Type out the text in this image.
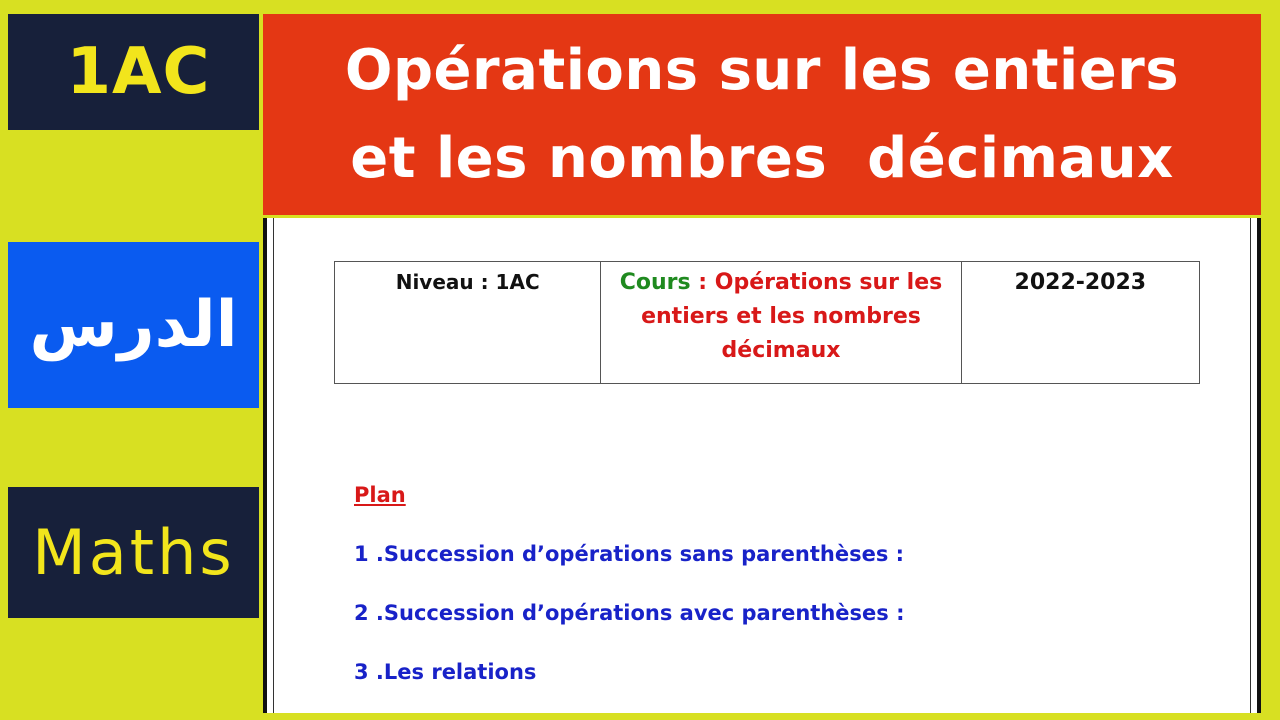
1AC Opérations sur les entiers
et les nombres  décimaux
الدرس
Maths
Niveau : 1AC	Cours : Opérations sur les entiers et les nombres décimaux	2022-2023
Plan
1 .Succession d’opérations sans parenthèses :
2 .Succession d’opérations avec parenthèses :
3 .Les relations
